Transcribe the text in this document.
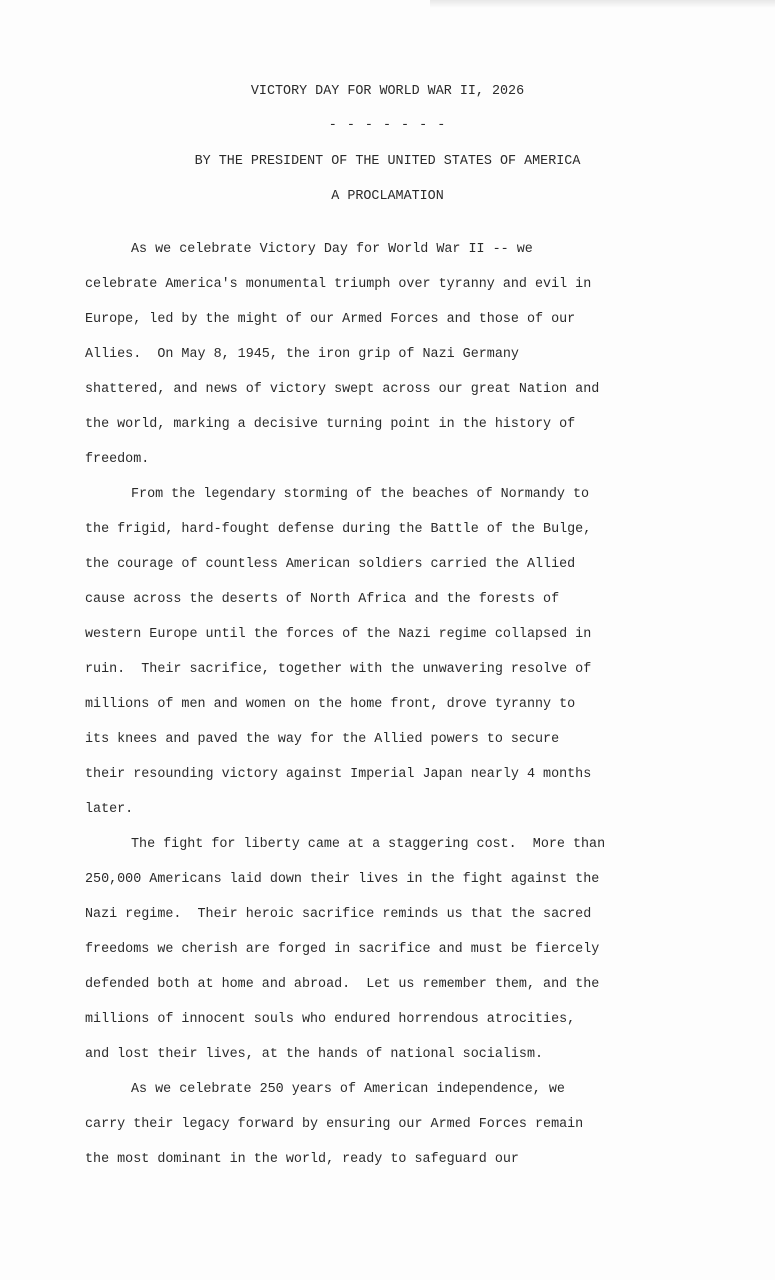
VICTORY DAY FOR WORLD WAR II, 2026
- - - - - - -
BY THE PRESIDENT OF THE UNITED STATES OF AMERICA
A PROCLAMATION
As we celebrate Victory Day for World War II -- we
celebrate America's monumental triumph over tyranny and evil in
Europe, led by the might of our Armed Forces and those of our
Allies.  On May 8, 1945, the iron grip of Nazi Germany
shattered, and news of victory swept across our great Nation and
the world, marking a decisive turning point in the history of
freedom.
From the legendary storming of the beaches of Normandy to
the frigid, hard-fought defense during the Battle of the Bulge,
the courage of countless American soldiers carried the Allied
cause across the deserts of North Africa and the forests of
western Europe until the forces of the Nazi regime collapsed in
ruin.  Their sacrifice, together with the unwavering resolve of
millions of men and women on the home front, drove tyranny to
its knees and paved the way for the Allied powers to secure
their resounding victory against Imperial Japan nearly 4 months
later.
The fight for liberty came at a staggering cost.  More than
250,000 Americans laid down their lives in the fight against the
Nazi regime.  Their heroic sacrifice reminds us that the sacred
freedoms we cherish are forged in sacrifice and must be fiercely
defended both at home and abroad.  Let us remember them, and the
millions of innocent souls who endured horrendous atrocities,
and lost their lives, at the hands of national socialism.
As we celebrate 250 years of American independence, we
carry their legacy forward by ensuring our Armed Forces remain
the most dominant in the world, ready to safeguard our
